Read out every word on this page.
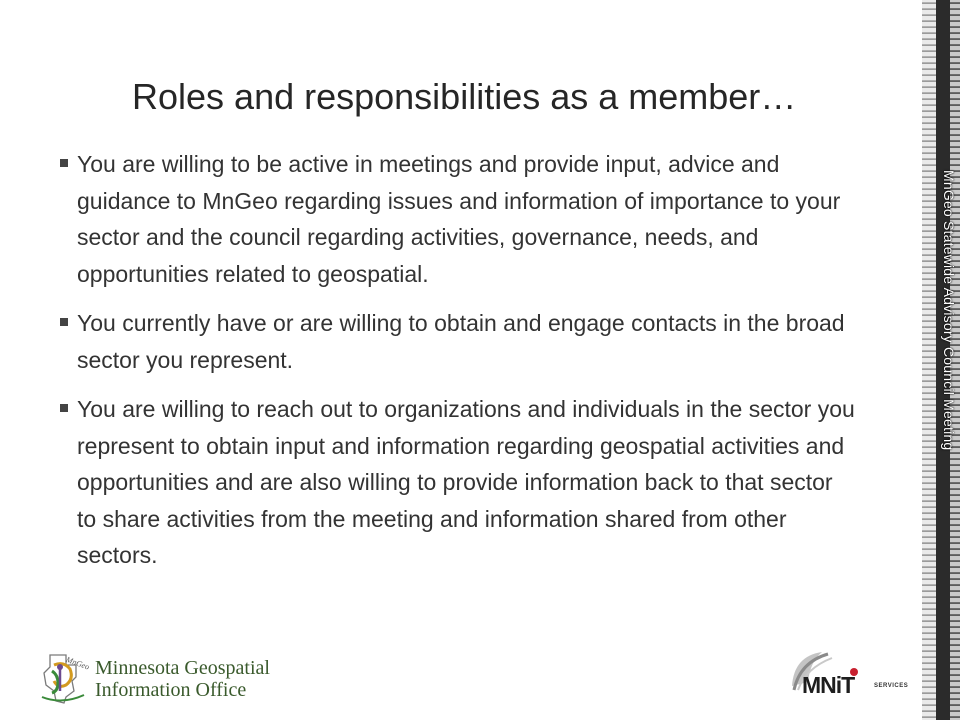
MnGeo Statewide Advisory Council Meeting
Roles and responsibilities as a member…
You are willing to be active in meetings and provide input, advice and guidance to MnGeo regarding issues and information of importance to your sector and the council regarding activities, governance, needs, and opportunities related to geospatial.
You currently have or are willing to obtain and engage contacts in the broad sector you represent.
You are willing to reach out to organizations and individuals in the sector you represent to obtain input and information regarding geospatial activities and opportunities and are also willing to provide information back to that sector to share activities from the meeting and information shared from other sectors.
MnGeo Minnesota Geospatial
Information Office	MNiT	SERVICES
